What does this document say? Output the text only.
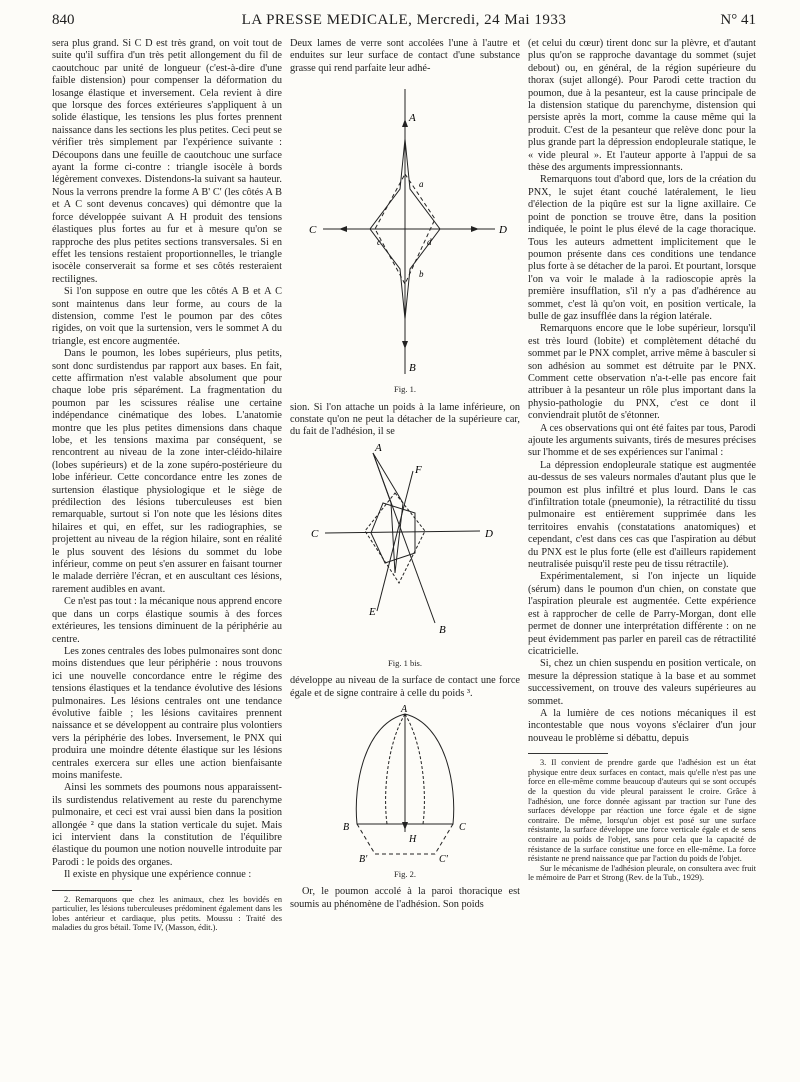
840	LA PRESSE MEDICALE, Mercredi, 24 Mai 1933	N° 41

sera plus grand. Si C D est très grand, on voit tout de suite qu'il suffira d'un très petit allongement du fil de caoutchouc par unité de longueur (c'est-à-dire d'une faible distension) pour compenser la déformation du losange élastique et inversement. Cela revient à dire que lorsque des forces extérieures s'appliquent à un solide élastique, les tensions les plus fortes prennent naissance dans les sections les plus petites. Ceci peut se vérifier très simplement par l'expérience suivante : Découpons dans une feuille de caoutchouc une surface ayant la forme ci-contre : triangle isocèle à bords légèrement convexes. Distendons-la suivant sa hauteur. Nous la verrons prendre la forme A B' C' (les côtés A B et A C sont devenus concaves) qui démontre que la force développée suivant A H produit des tensions élastiques plus fortes au fur et à mesure qu'on se rapproche des plus petites sections transversales. Si en effet les tensions restaient proportionnelles, le triangle isocèle conserverait sa forme et ses côtés resteraient rectilignes.

Si l'on suppose en outre que les côtés A B et A C sont maintenus dans leur forme, au cours de la distension, comme l'est le poumon par des côtes rigides, on voit que la surtension, vers le sommet A du triangle, est encore augmentée.

Dans le poumon, les lobes supérieurs, plus petits, sont donc surdistendus par rapport aux bases. En fait, cette affirmation n'est valable absolument que pour chaque lobe pris séparément. La fragmentation du poumon par les scissures réalise une certaine indépendance cinématique des lobes. L'anatomie montre que les plus petites dimensions dans chaque lobe, et les tensions maxima par conséquent, se rencontrent au niveau de la zone inter-cléido-hilaire (lobes supérieurs) et de la zone supéro-postérieure du lobe inférieur. Cette concordance entre les zones de surtension élastique physiologique et le siège de prédilection des lésions tuberculeuses est bien remarquable, surtout si l'on note que les lésions dites hilaires et qui, en effet, sur les radiographies, se projettent au niveau de la région hilaire, sont en réalité le plus souvent des lésions du sommet du lobe inférieur, comme on peut s'en assurer en faisant tourner le malade derrière l'écran, et en auscultant ces lésions, rarement audibles en avant.

Ce n'est pas tout : la mécanique nous apprend encore que dans un corps élastique soumis à des forces extérieures, les tensions diminuent de la périphérie au centre.

Les zones centrales des lobes pulmonaires sont donc moins distendues que leur périphérie : nous trouvons ici une nouvelle concordance entre le régime des tensions élastiques et la tendance évolutive des lésions pulmonaires. Les lésions centrales ont une tendance évolutive faible ; les lésions cavitaires prennent naissance et se développent au contraire plus volontiers vers la périphérie des lobes. Inversement, le PNX qui produira une moindre détente élastique sur les lésions centrales exercera sur elles une action bienfaisante moins manifeste.

Ainsi les sommets des poumons nous apparaissent-ils surdistendus relativement au reste du parenchyme pulmonaire, et ceci est vrai aussi bien dans la position allongée ² que dans la station verticale du sujet. Mais ici intervient dans la constitution de l'équilibre élastique du poumon une notion nouvelle introduite par Parodi : le poids des organes.

Il existe en physique une expérience connue :

2. Remarquons que chez les animaux, chez les bovidés en particulier, les lésions tuberculeuses prédominent également dans les lobes antérieur et cardiaque, plus petits. Moussu : Traité des maladies du gros bétail. Tome IV, (Masson, édit.).

Deux lames de verre sont accolées l'une à l'autre et enduites sur leur surface de contact d'une substance grasse qui rend parfaite leur adhé-

A
B
C	D
a
b
c	d
Fig. 1.

sion. Si l'on attache un poids à la lame inférieure, on constate qu'on ne peut la détacher de la supérieure car, du fait de l'adhésion, il se

A
B
C	D
E
F
Fig. 1 bis.

développe au niveau de la surface de contact une force égale et de signe contraire à celle du poids ³.

A
B	C
H
B'	C'
Fig. 2.

Or, le poumon accolé à la paroi thoracique est soumis au phénomène de l'adhésion. Son poids

(et celui du cœur) tirent donc sur la plèvre, et d'autant plus qu'on se rapproche davantage du sommet (sujet debout) ou, en général, de la région supérieure du thorax (sujet allongé). Pour Parodi cette traction du poumon, due à la pesanteur, est la cause principale de la distension statique du parenchyme, distension qui persiste après la mort, comme la cause même qui la produit. C'est de la pesanteur que relève donc pour la plus grande part la dépression endopleurale statique, le « vide pleural ». Et l'auteur apporte à l'appui de sa thèse des arguments impressionnants.

Remarquons tout d'abord que, lors de la création du PNX, le sujet étant couché latéralement, le lieu d'élection de la piqûre est sur la ligne axillaire. Ce point de ponction se trouve être, dans la position indiquée, le point le plus élevé de la cage thoracique. Tous les auteurs admettent implicitement que le poumon présente dans ces conditions une tendance plus forte à se détacher de la paroi. Et pourtant, lorsque l'on va voir le malade à la radioscopie après la première insufflation, s'il n'y a pas d'adhérence au sommet, c'est là qu'on voit, en position verticale, la bulle de gaz insufflée dans la région latérale.

Remarquons encore que le lobe supérieur, lorsqu'il est très lourd (lobite) et complètement détaché du sommet par le PNX complet, arrive même à basculer si son adhésion au sommet est détruite par le PNX. Comment cette observation n'a-t-elle pas encore fait attribuer à la pesanteur un rôle plus important dans la physio-pathologie du PNX, c'est ce dont il conviendrait plutôt de s'étonner.

A ces observations qui ont été faites par tous, Parodi ajoute les arguments suivants, tirés de mesures précises sur l'homme et de ses expériences sur l'animal :

La dépression endopleurale statique est augmentée au-dessus de ses valeurs normales d'autant plus que le poumon est plus infiltré et plus lourd. Dans le cas d'infiltration totale (pneumonie), la rétractilité du tissu pulmonaire est entièrement supprimée dans les territoires envahis (constatations anatomiques) et cependant, c'est dans ces cas que l'aspiration au début du PNX est le plus forte (elle est d'ailleurs rapidement neutralisée puisqu'il reste peu de tissu rétractile).

Expérimentalement, si l'on injecte un liquide (sérum) dans le poumon d'un chien, on constate que l'aspiration pleurale est augmentée. Cette expérience est à rapprocher de celle de Parry-Morgan, dont elle permet de donner une interprétation différente : on ne peut évidemment pas parler en pareil cas de rétractilité cicatricielle.

Si, chez un chien suspendu en position verticale, on mesure la dépression statique à la base et au sommet successivement, on trouve des valeurs supérieures au sommet.

A la lumière de ces notions mécaniques il est incontestable que nous voyons s'éclairer d'un jour nouveau le problème si débattu, depuis

3. Il convient de prendre garde que l'adhésion est un état physique entre deux surfaces en contact, mais qu'elle n'est pas une force en elle-même comme beaucoup d'auteurs qui se sont occupés de la question du vide pleural paraissent le croire. Grâce à l'adhésion, une force donnée agissant par traction sur l'une des surfaces développe par réaction une force égale et de signe contraire. De même, lorsqu'un objet est posé sur une surface résistante, la surface développe une force verticale égale et de sens contraire au poids de l'objet, sans pour cela que la capacité de résistance de la surface constitue une force en elle-même. La force résistante ne prend naissance que par l'action du poids de l'objet.

Sur le mécanisme de l'adhésion pleurale, on consultera avec fruit le mémoire de Parr et Strong (Rev. de la Tub., 1929).
